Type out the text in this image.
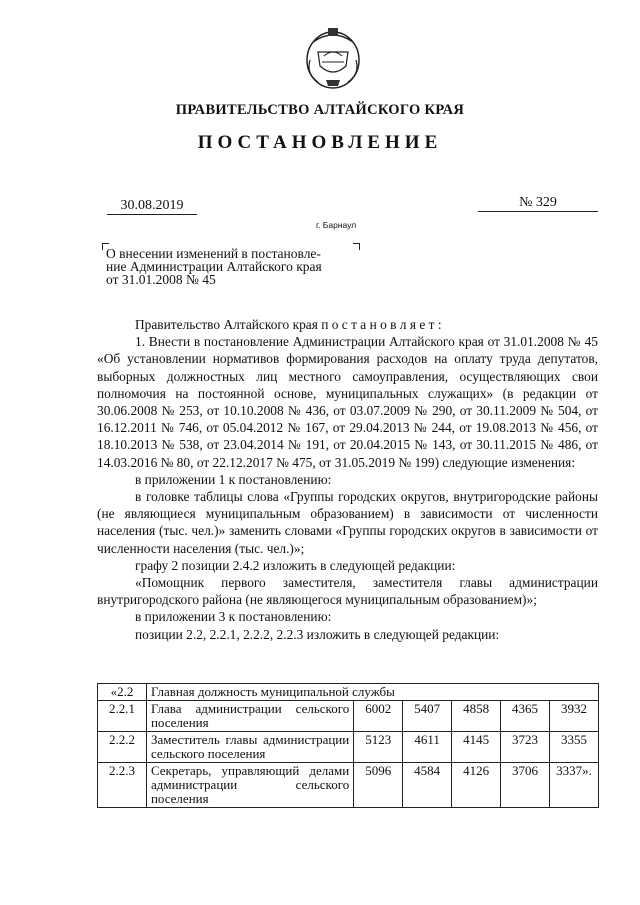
ПРАВИТЕЛЬСТВО АЛТАЙСКОГО КРАЯ
ПОСТАНОВЛЕНИЕ
30.08.2019	№ 329
г. Барнаул
О внесении изменений в постановле-
ние Администрации Алтайского края
от 31.01.2008 № 45

Правительство Алтайского края п о с т а н о в л я е т :

1. Внести в постановление Администрации Алтайского края от 31.01.2008 № 45 «Об установлении нормативов формирования расходов на оплату труда депутатов, выборных должностных лиц местного самоуправления, осуществляющих свои полномочия на постоянной основе, муниципальных служащих» (в редакции от 30.06.2008 № 253, от 10.10.2008 № 436, от 03.07.2009 № 290, от 30.11.2009 № 504, от 16.12.2011 № 746, от 05.04.2012 № 167, от 29.04.2013 № 244, от 19.08.2013 № 456, от 18.10.2013 № 538, от 23.04.2014 № 191, от 20.04.2015 № 143, от 30.11.2015 № 486, от 14.03.2016 № 80, от 22.12.2017 № 475, от 31.05.2019 № 199) следующие изменения:

в приложении 1 к постановлению:

в головке таблицы слова «Группы городских округов, внутригородские районы (не являющиеся муниципальным образованием) в зависимости от численности населения (тыс. чел.)» заменить словами «Группы городских округов в зависимости от численности населения (тыс. чел.)»;

графу 2 позиции 2.4.2 изложить в следующей редакции:

«Помощник первого заместителя, заместителя главы администрации внутригородского района (не являющегося муниципальным образованием)»;

в приложении 3 к постановлению:

позиции 2.2, 2.2.1, 2.2.2, 2.2.3 изложить в следующей редакции:

«2.2	Главная должность муниципальной службы					
2.2.1	Глава администрации сельского поселения	6002	5407	4858	4365	3932
2.2.2	Заместитель главы администрации сельского поселения	5123	4611	4145	3723	3355
2.2.3	Секретарь, управляющий делами администрации сельского поселения	5096	4584	4126	3706	3337».
